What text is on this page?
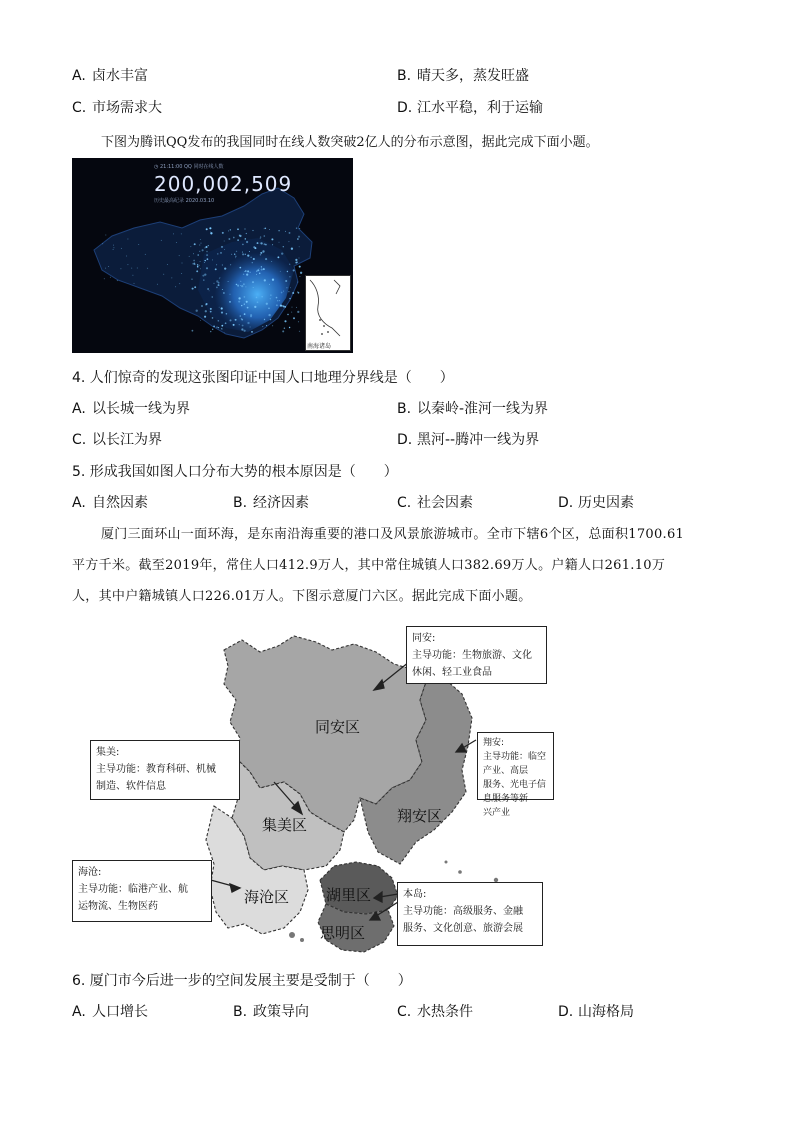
A. 卤水丰富	B. 晴天多，蒸发旺盛
C. 市场需求大	D. 江水平稳，利于运输
下图为腾讯QQ发布的我国同时在线人数突破2亿人的分布示意图，据此完成下面小题。
◷ 21:11:00 QQ 同时在线人数
200,002,509
历史最高纪录 2020.03.10
南海诸岛
4. 人们惊奇的发现这张图印证中国人口地理分界线是（　　）
A. 以长城一线为界	B. 以秦岭-淮河一线为界
C. 以长江为界	D. 黑河--腾冲一线为界
5. 形成我国如图人口分布大势的根本原因是（　　）
A. 自然因素	B. 经济因素	C. 社会因素	D. 历史因素
厦门三面环山一面环海，是东南沿海重要的港口及风景旅游城市。全市下辖6个区，总面积1700.61
平方千米。截至2019年，常住人口412.9万人，其中常住城镇人口382.69万人。户籍人口261.10万
人，其中户籍城镇人口226.01万人。下图示意厦门六区。据此完成下面小题。
同安区
集美区	翔安区
海沧区 湖里区
思明区
同安:
主导功能：生物旅游、文化
休闲、轻工业食品
集美:
主导功能：教育科研、机械
制造、软件信息
翔安:
主导功能：临空产业、高层
服务、光电子信息服务等新
兴产业
海沧:
主导功能：临港产业、航
运物流、生物医药
本岛:
主导功能：高级服务、金融
服务、文化创意、旅游会展
6. 厦门市今后进一步的空间发展主要是受制于（　　）
A. 人口增长	B. 政策导向	C. 水热条件	D. 山海格局
